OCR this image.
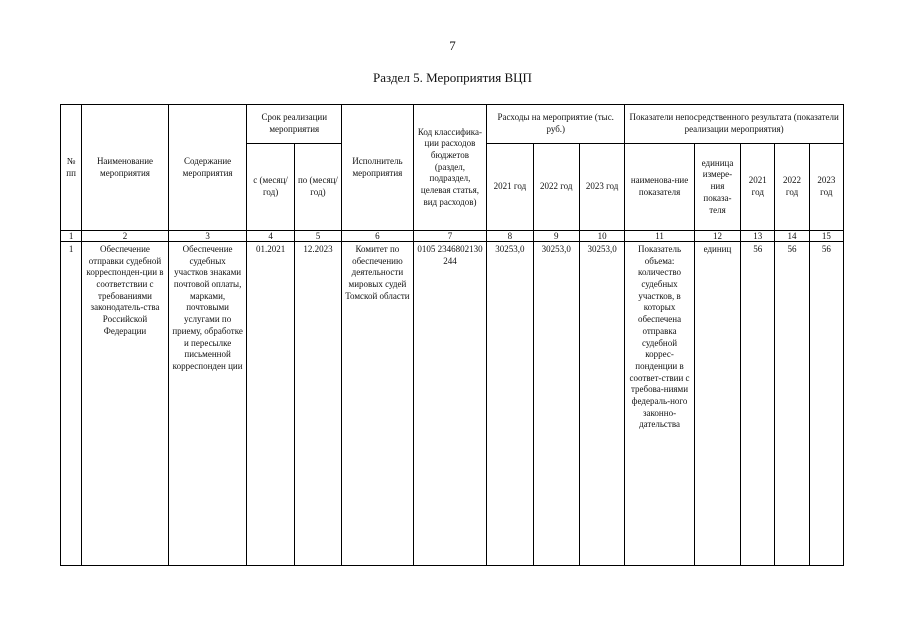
7
Раздел 5. Мероприятия ВЦП
№ пп	Наименование мероприятия	Содержание мероприятия	Срок реализации мероприятия		Исполнитель мероприятия	Код классифика-ции расходов бюджетов (раздел, подраздел, целевая статья, вид расходов)	Расходы на мероприятие (тыс. руб.)			Показатели непосредственного результата (показатели реализации мероприятия)				
			с (месяц/ год)	по (месяц/ год)			2021 год	2022 год	2023 год	наименова-ние показателя	единица измере-ния показа-теля	2021 год	2022 год	2023 год
1	2	3	4	5	6	7	8	9	10	11	12	13	14	15
1	Обеспечение отправки судебной корреспонден-ции в соответствии с требованиями законодатель-ства Российской Федерации	Обеспечение судебных участков знаками почтовой оплаты, марками, почтовыми услугами по приему, обработке и пересылке письменной корреспонден ции	01.2021	12.2023	Комитет по обеспечению деятельности мировых судей Томской области	0105 2346802130 244	30253,0	30253,0	30253,0	Показатель объема: количество судебных участков, в которых обеспечена отправка судебной коррес-понденции в соответ-ствии с требова-ниями федераль-ного законно-дательства	единиц	56	56	56
